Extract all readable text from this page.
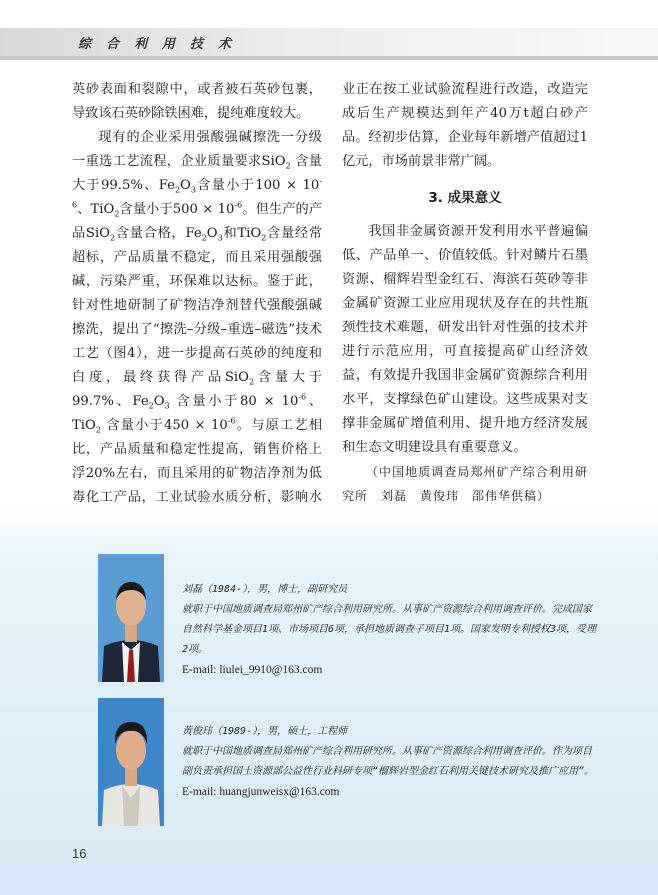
综合利用技术

英砂表面和裂隙中，或者被石英砂包裹，导致该石英砂除铁困难，提纯难度较大。

现有的企业采用强酸强碱擦洗一分级一重选工艺流程，企业质量要求SiO$_2$ 含量大于99.5%、$Fe_2O_3$含量小于$100 \times 10^{-6}$、TiO$_2$含量小于$500 \times 10^{-6}$。但生产的产品SiO$_2$含量合格，$Fe_2O_3$和TiO$_2$含量经常超标，产品质量不稳定，而且采用强酸强碱，污染严重，环保难以达标。鉴于此，针对性地研制了矿物洁净剂替代强酸强碱擦洗，提出了“擦洗–分级–重选–磁选”技术工艺（图4），进一步提高石英砂的纯度和白度，最终获得产品SiO$_2$含量大于99.7%、$Fe_2O_3$ 含量小于$80 \times 10^{-6}$、TiO$_2$ 含量小于$450 \times 10^{-6}$。与原工艺相比，产品质量和稳定性提高，销售价格上浮20%左右，而且采用的矿物洁净剂为低毒化工产品，工业试验水质分析，影响水

业正在按工业试验流程进行改造，改造完成后生产规模达到年产40万t超白砂产品。经初步估算，企业每年新增产值超过1亿元，市场前景非常广阔。

3. 成果意义

我国非金属资源开发利用水平普遍偏低、产品单一、价值较低。针对鳞片石墨资源、榴辉岩型金红石、海滨石英砂等非金属矿资源工业应用现状及存在的共性瓶颈性技术难题，研发出针对性强的技术并进行示范应用，可直接提高矿山经济效益，有效提升我国非金属矿资源综合利用水平，支撑绿色矿山建设。这些成果对支撑非金属矿增值利用、提升地方经济发展和生态文明建设具有重要意义。

（中国地质调查局郑州矿产综合利用研究所　刘磊　黄俊玮　邵伟华供稿）

刘磊（1984-），男，博士，副研究员
就职于中国地质调查局郑州矿产综合利用研究所。从事矿产资源综合利用调查评价。完成国家自然科学基金项目1项、市场项目6项，承担地质调查子项目1项。国家发明专利授权3项，受理2项。
E-mail: liulei_9910@163.com
黄俊玮（1989-），男，硕士，工程师
就职于中国地质调查局郑州矿产综合利用研究所。从事矿产资源综合利用调查评价。作为项目副负责承担国土资源部公益性行业科研专项“榴辉岩型金红石利用关键技术研究及推广应用”。
E-mail: huangjunweisx@163.com
16
